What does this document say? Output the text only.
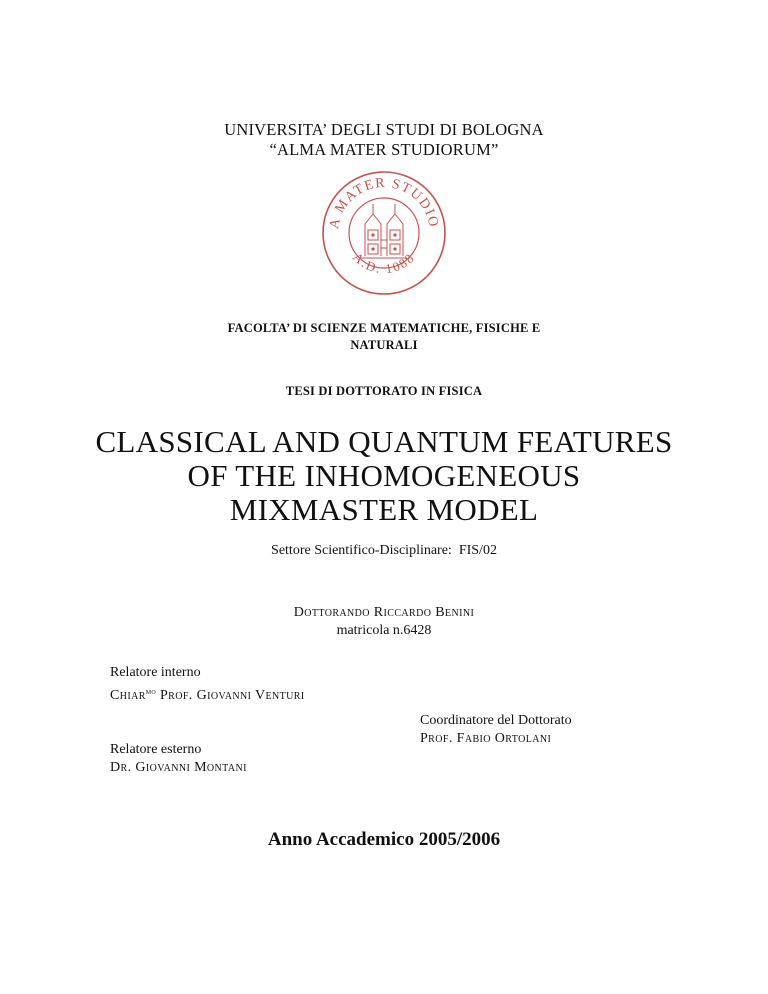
UNIVERSITA’ DEGLI STUDI DI BOLOGNA
“ALMA MATER STUDIORUM”
A MATER STUDIO
A.D. 1088
FACOLTA’ DI SCIENZE MATEMATICHE, FISICHE E
NATURALI
TESI DI DOTTORATO IN FISICA
CLASSICAL AND QUANTUM FEATURES
OF THE INHOMOGENEOUS
MIXMASTER MODEL
Settore Scientifico-Disciplinare:  FIS/02
Dottorando Riccardo Benini
matricola n.6428
Relatore interno
Chiar$^{mo}$ Prof. Giovanni Venturi
Coordinatore del Dottorato
Prof. Fabio Ortolani
Relatore esterno
Dr. Giovanni Montani
Anno Accademico 2005/2006
